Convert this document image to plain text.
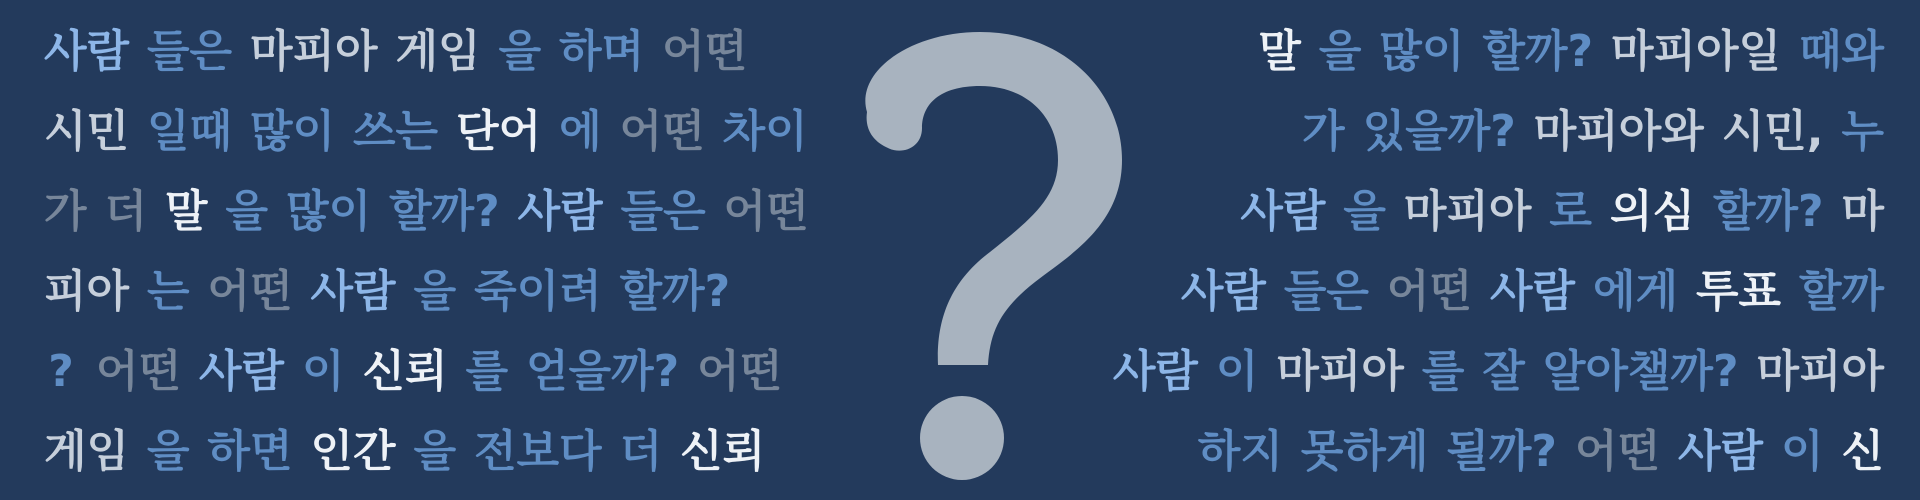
사람 들은 마피아 게임 을 하며 어떤	말 을 많이 할까? 마피아일 때와
시민 일때 많이 쓰는 단어 에 어떤 차이	가 있을까? 마피아와 시민, 누
가 더 말 을 많이 할까? 사람 들은 어떤	사람 을 마피아 로 의심 할까? 마
피아 는 어떤 사람 을 죽이려 할까?	사람 들은 어떤 사람 에게 투표 할까
? 어떤 사람 이 신뢰 를 얻을까? 어떤	사람 이 마피아 를 잘 알아챌까? 마피아
게임 을 하면 인간 을 전보다 더 신뢰	하지 못하게 될까? 어떤 사람 이 신
